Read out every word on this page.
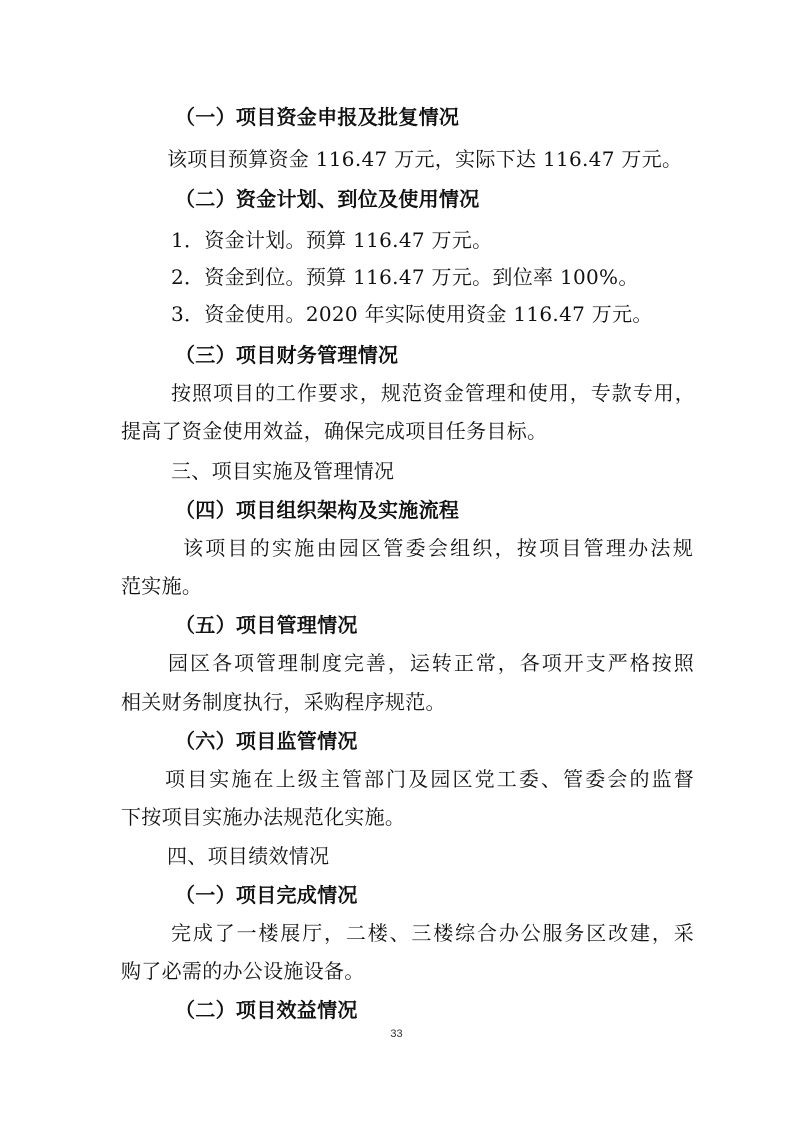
（一）项目资金申报及批复情况
该项目预算资金 116.47 万元，实际下达 116.47 万元。
（二）资金计划、到位及使用情况
1．资金计划。预算 116.47 万元。
2．资金到位。预算 116.47 万元。到位率 100%。
3．资金使用。2020 年实际使用资金 116.47 万元。
（三）项目财务管理情况
按照项目的工作要求，规范资金管理和使用，专款专用，
提高了资金使用效益，确保完成项目任务目标。
三、项目实施及管理情况
（四）项目组织架构及实施流程
该项目的实施由园区管委会组织，按项目管理办法规
范实施。
（五）项目管理情况
园区各项管理制度完善，运转正常，各项开支严格按照
相关财务制度执行，采购程序规范。
（六）项目监管情况
项目实施在上级主管部门及园区党工委、管委会的监督
下按项目实施办法规范化实施。
四、项目绩效情况
（一）项目完成情况
完成了一楼展厅，二楼、三楼综合办公服务区改建，采
购了必需的办公设施设备。
（二）项目效益情况
33
